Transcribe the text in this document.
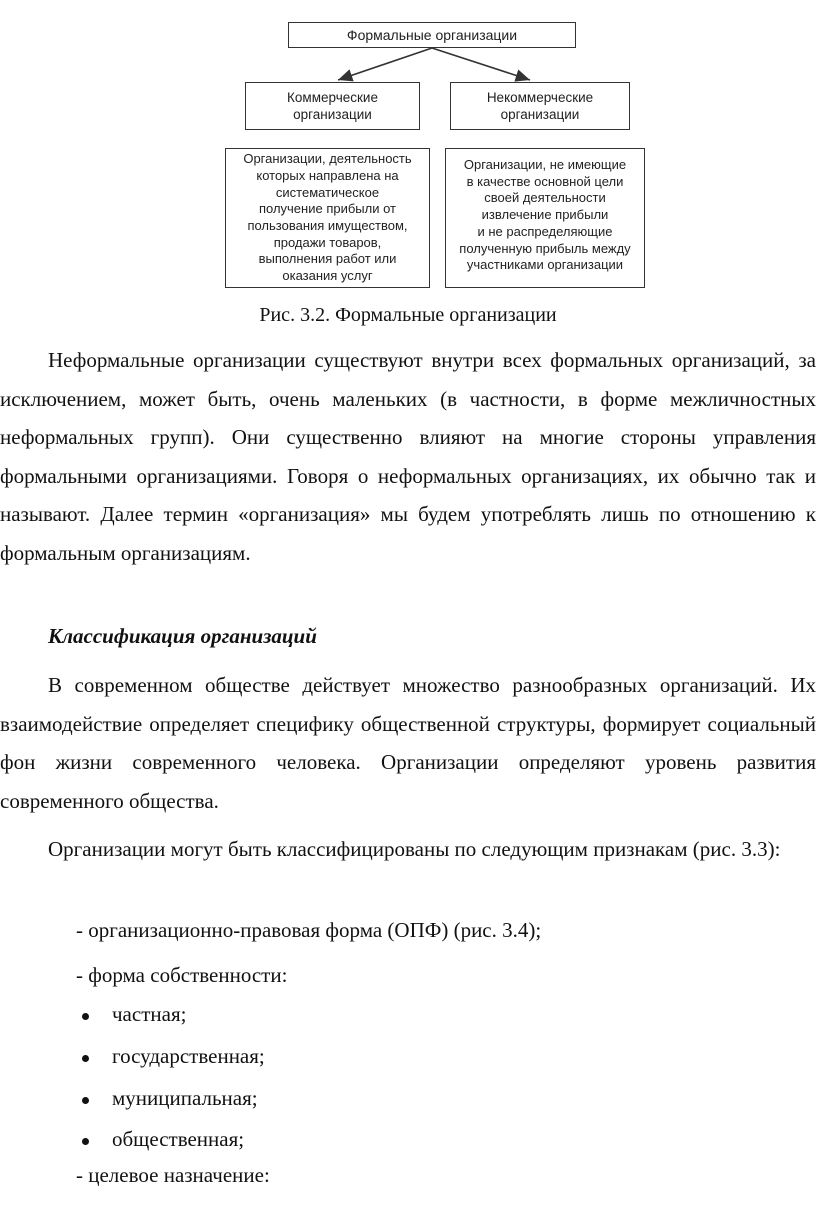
Формальные организации
Коммерческие
организации
Некоммерческие
организации
Организации, деятельность
которых направлена на
систематическое
получение прибыли от
пользования имуществом,
продажи товаров,
выполнения работ или
оказания услуг
Организации, не имеющие
в качестве основной цели
своей деятельности
извлечение прибыли
и не распределяющие
полученную прибыль между
участниками организации
Рис. 3.2. Формальные организации

Неформальные организации существуют внутри всех формальных организаций, за исключением, может быть, очень маленьких (в частности, в форме межличностных неформальных групп). Они существенно влияют на многие стороны управления формальными организациями. Говоря о неформальных организациях, их обычно так и называют. Далее термин «организация» мы будем употреблять лишь по отношению к формальным организациям.

Классификация организаций

В современном обществе действует множество разнообразных организаций. Их взаимодействие определяет специфику общественной структуры, формирует социальный фон жизни современного человека. Организации определяют уровень развития современного общества.

Организации могут быть классифицированы по следующим признакам (рис. 3.3):

- организационно-правовая форма (ОПФ) (рис. 3.4);

- форма собственности:

частная;
государственная;
муниципальная;
общественная;

- целевое назначение:
